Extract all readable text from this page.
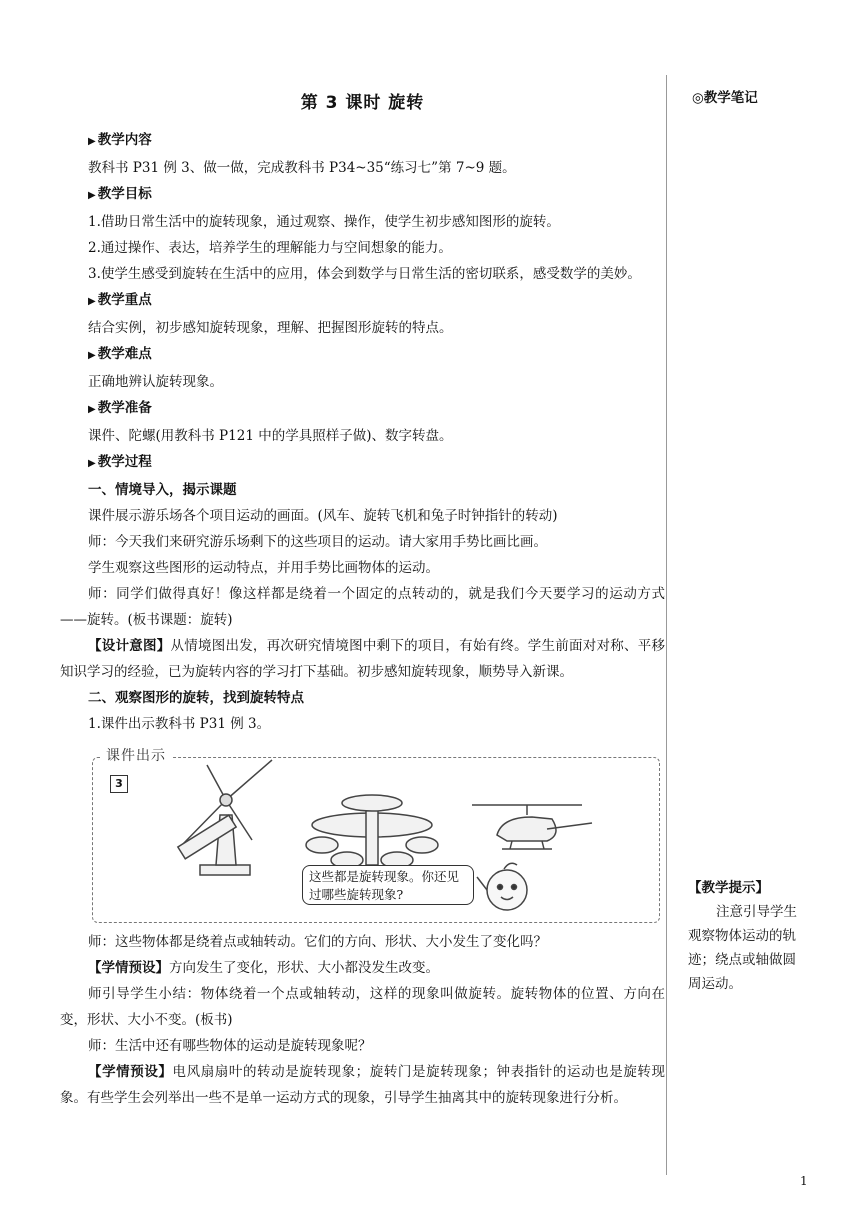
第 3 课时 旋转
▶ 教学内容

教科书 P31 例 3、做一做，完成教科书 P34~35“练习七”第 7~9 题。

▶ 教学目标

1.借助日常生活中的旋转现象，通过观察、操作，使学生初步感知图形的旋转。

2.通过操作、表达，培养学生的理解能力与空间想象的能力。

3.使学生感受到旋转在生活中的应用，体会到数学与日常生活的密切联系，感受数学的美妙。

▶ 教学重点

结合实例，初步感知旋转现象，理解、把握图形旋转的特点。

▶ 教学难点

正确地辨认旋转现象。

▶ 教学准备

课件、陀螺(用教科书 P121 中的学具照样子做)、数字转盘。

▶ 教学过程
一、情境导入，揭示课题

课件展示游乐场各个项目运动的画面。(风车、旋转飞机和兔子时钟指针的转动)

师：今天我们来研究游乐场剩下的这些项目的运动。请大家用手势比画比画。

学生观察这些图形的运动特点，并用手势比画物体的运动。

师：同学们做得真好！像这样都是绕着一个固定的点转动的，就是我们今天要学习的运动方式——旋转。(板书课题：旋转)

【设计意图】从情境图出发，再次研究情境图中剩下的项目，有始有终。学生前面对对称、平移知识学习的经验，已为旋转内容的学习打下基础。初步感知旋转现象，顺势导入新课。

二、观察图形的旋转，找到旋转特点

1.课件出示教科书 P31 例 3。

课件出示
3
这些都是旋转现象。你还见过哪些旋转现象?

师：这些物体都是绕着点或轴转动。它们的方向、形状、大小发生了变化吗？

【学情预设】方向发生了变化，形状、大小都没发生改变。

师引导学生小结：物体绕着一个点或轴转动，这样的现象叫做旋转。旋转物体的位置、方向在变，形状、大小不变。(板书)

师：生活中还有哪些物体的运动是旋转现象呢？

【学情预设】电风扇扇叶的转动是旋转现象；旋转门是旋转现象；钟表指针的运动也是旋转现象。有些学生会列举出一些不是单一运动方式的现象，引导学生抽离其中的旋转现象进行分析。

◎教学笔记
【教学提示】
注意引导学生观察物体运动的轨迹；绕点或轴做圆周运动。
1
